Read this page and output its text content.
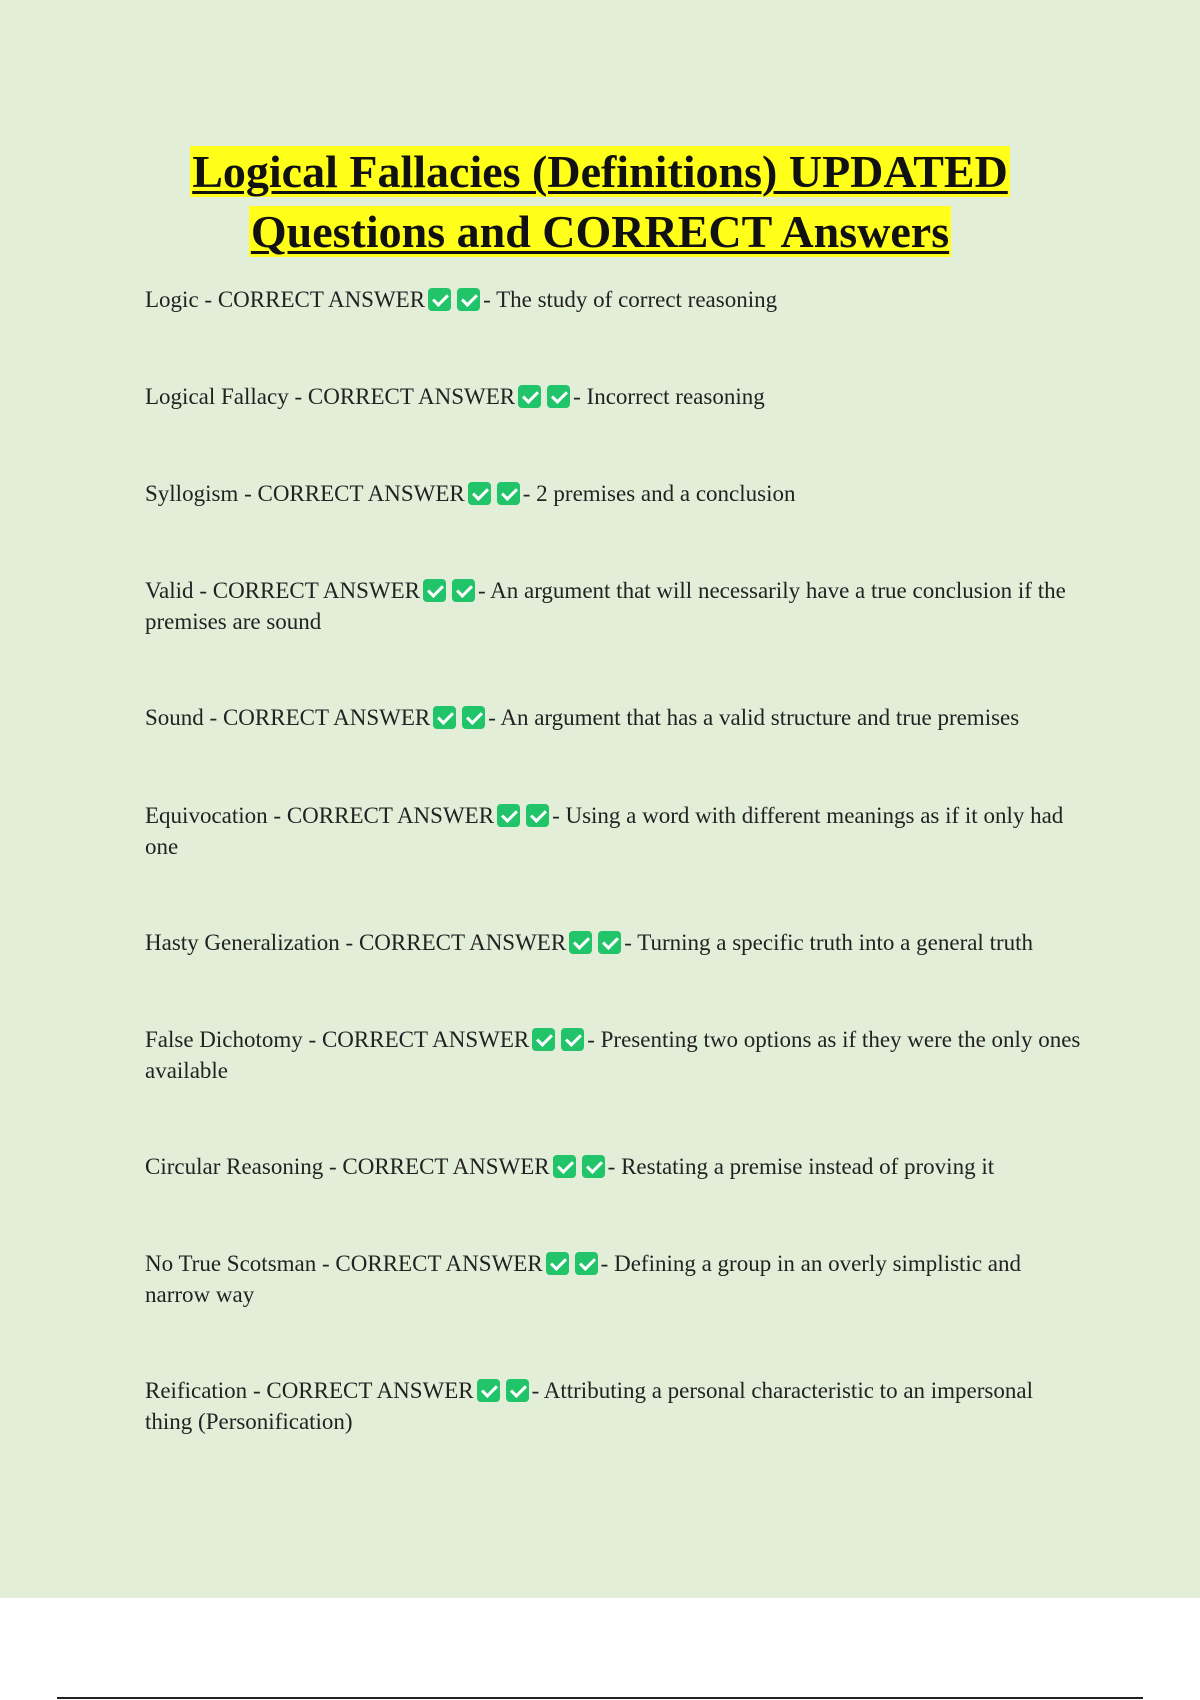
Logical Fallacies (Definitions) UPDATED
Questions and CORRECT Answers

Logic - CORRECT ANSWER	- The study of correct reasoning

Logical Fallacy - CORRECT ANSWER	- Incorrect reasoning

Syllogism - CORRECT ANSWER	- 2 premises and a conclusion

Valid - CORRECT ANSWER	- An argument that will necessarily have a true conclusion if the premises are sound

Sound - CORRECT ANSWER	- An argument that has a valid structure and true premises

Equivocation - CORRECT ANSWER	- Using a word with different meanings as if it only had one

Hasty Generalization - CORRECT ANSWER	- Turning a specific truth into a general truth

False Dichotomy - CORRECT ANSWER	- Presenting two options as if they were the only ones available

Circular Reasoning - CORRECT ANSWER	- Restating a premise instead of proving it

No True Scotsman - CORRECT ANSWER	- Defining a group in an overly simplistic and narrow way

Reification - CORRECT ANSWER	- Attributing a personal characteristic to an impersonal thing (Personification)
